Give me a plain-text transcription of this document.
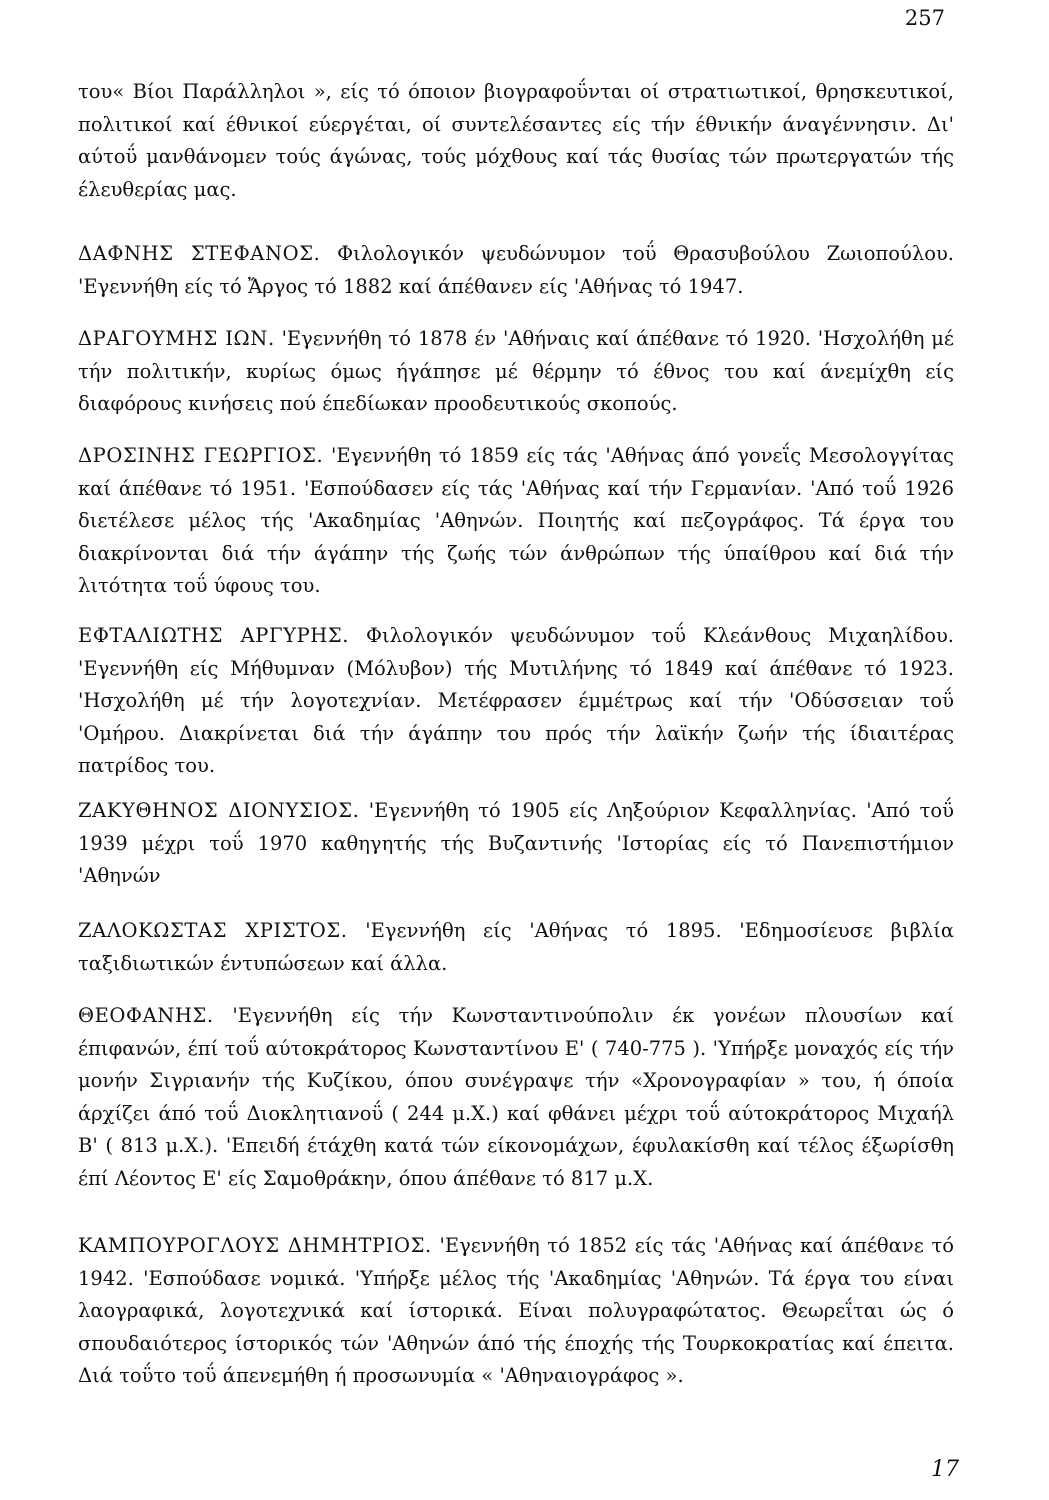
257

του« Βίοι Παράλληλοι », είς τό όποιον βιογραφοΰνται οί στρατιωτικοί, θρησκευτικοί, πολιτικοί καί έθνικοί εύεργέται, οί συντελέσαντες είς τήν έθνικήν άναγέννησιν. Δι' αύτοΰ μανθάνομεν τούς άγώνας, τούς μόχθους καί τάς θυσίας τών πρωτεργατών τής έλευθερίας μας.

ΔΑΦΝΗΣ ΣΤΕΦΑΝΟΣ. Φιλολογικόν ψευδώνυμον τοΰ Θρασυβούλου Ζωιοπούλου. 'Εγεννήθη είς τό Ἄργος τό 1882 καί άπέθανεν είς 'Αθήνας τό 1947.

ΔΡΑΓΟΥΜΗΣ ΙΩΝ. 'Εγεννήθη τό 1878 έν 'Αθήναις καί άπέθανε τό 1920. 'Ησχολήθη μέ τήν πολιτικήν, κυρίως όμως ήγάπησε μέ θέρμην τό έθνος του καί άνεμίχθη είς διαφόρους κινήσεις πού έπεδίωκαν προοδευτικούς σκοπούς.

ΔΡΟΣΙΝΗΣ ΓΕΩΡΓΙΟΣ. 'Εγεννήθη τό 1859 είς τάς 'Αθήνας άπό γονεΐς Μεσολογγίτας καί άπέθανε τό 1951. 'Εσπούδασεν είς τάς 'Αθήνας καί τήν Γερμανίαν. 'Από τοΰ 1926 διετέλεσε μέλος τής 'Ακαδημίας 'Αθηνών. Ποιητής καί πεζογράφος. Τά έργα του διακρίνονται διά τήν άγάπην τής ζωής τών άνθρώπων τής ύπαίθρου καί διά τήν λιτότητα τοΰ ύφους του.

ΕΦΤΑΛΙΩΤΗΣ ΑΡΓΥΡΗΣ. Φιλολογικόν ψευδώνυμον τοΰ Κλεάνθους Μιχαηλίδου. 'Εγεννήθη είς Μήθυμναν (Μόλυβον) τής Μυτιλήνης τό 1849 καί άπέθανε τό 1923. 'Ησχολήθη μέ τήν λογοτεχνίαν. Μετέφρασεν έμμέτρως καί τήν 'Οδύσσειαν τοΰ 'Ομήρου. Διακρίνεται διά τήν άγάπην του πρός τήν λαϊκήν ζωήν τής ίδιαιτέρας πατρίδος του.

ΖΑΚΥΘΗΝΟΣ ΔΙΟΝΥΣΙΟΣ. 'Εγεννήθη τό 1905 είς Ληξούριον Κεφαλληνίας. 'Από τοΰ 1939 μέχρι τοΰ 1970 καθηγητής τής Βυζαντινής 'Ιστορίας είς τό Πανεπιστήμιον 'Αθηνών

ΖΑΛΟΚΩΣΤΑΣ ΧΡΙΣΤΟΣ. 'Εγεννήθη είς 'Αθήνας τό 1895. 'Εδημοσίευσε βιβλία ταξιδιωτικών έντυπώσεων καί άλλα.

ΘΕΟΦΑΝΗΣ. 'Εγεννήθη είς τήν Κωνσταντινούπολιν έκ γονέων πλουσίων καί έπιφανών, έπί τοΰ αύτοκράτορος Κωνσταντίνου Ε' ( 740-775 ). 'Υπήρξε μοναχός είς τήν μονήν Σιγριανήν τής Κυζίκου, όπου συνέγραψε τήν «Χρονογραφίαν » του, ή όποία άρχίζει άπό τοΰ Διοκλητιανοΰ ( 244 μ.Χ.) καί φθάνει μέχρι τοΰ αύτοκράτορος Μιχαήλ Β' ( 813 μ.Χ.). 'Επειδή έτάχθη κατά τών είκονομάχων, έφυλακίσθη καί τέλος έξωρίσθη έπί Λέοντος Ε' είς Σαμοθράκην, όπου άπέθανε τό 817 μ.Χ.

ΚΑΜΠΟΥΡΟΓΛΟΥΣ ΔΗΜΗΤΡΙΟΣ. 'Εγεννήθη τό 1852 είς τάς 'Αθήνας καί άπέθανε τό 1942. 'Εσπούδασε νομικά. 'Υπήρξε μέλος τής 'Ακαδημίας 'Αθηνών. Τά έργα του είναι λαογραφικά, λογοτεχνικά καί ίστορικά. Είναι πολυγραφώτατος. Θεωρεΐται ώς ό σπουδαιότερος ίστορικός τών 'Αθηνών άπό τής έποχής τής Τουρκοκρατίας καί έπειτα. Διά τοΰτο τοΰ άπενεμήθη ή προσωνυμία « 'Αθηναιογράφος ».

17
